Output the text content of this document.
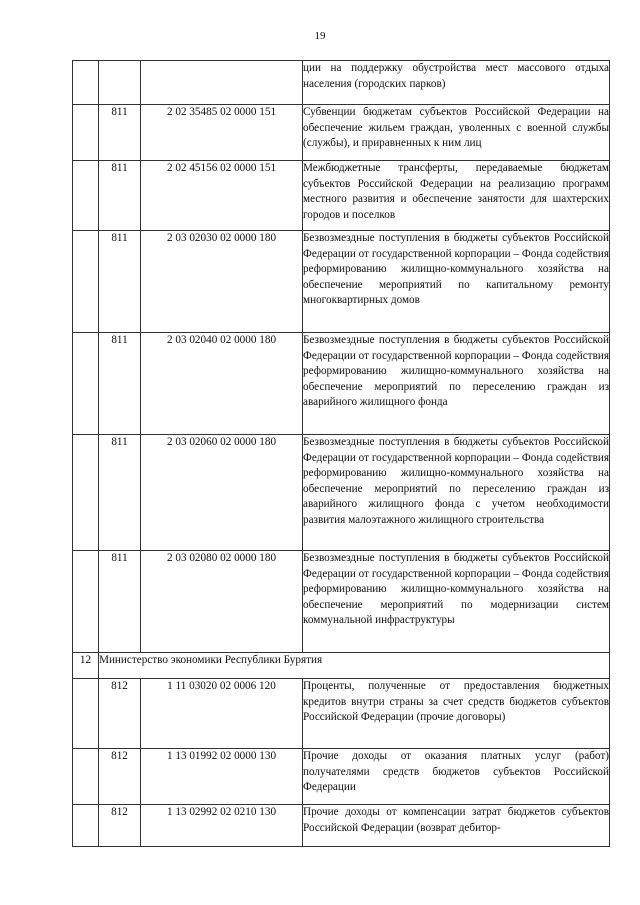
19
			ции на поддержку обустройства мест массового отдыха населения (городских парков)
	811	2 02 35485 02 0000 151	Субвенции бюджетам субъектов Российской Федерации на обеспечение жильем граждан, уволенных с военной службы (службы), и приравненных к ним лиц
	811	2 02 45156 02 0000 151	Межбюджетные трансферты, передаваемые бюджетам субъектов Российской Федерации на реализацию программ местного развития и обеспечение занятости для шахтерских городов и поселков
	811	2 03 02030 02 0000 180	Безвозмездные поступления в бюджеты субъектов Российской Федерации от государственной корпорации – Фонда содействия реформированию жилищно-коммунального хозяйства на обеспечение мероприятий по капитальному ремонту многоквартирных домов
	811	2 03 02040 02 0000 180	Безвозмездные поступления в бюджеты субъектов Российской Федерации от государственной корпорации – Фонда содействия реформированию жилищно-коммунального хозяйства на обеспечение мероприятий по переселению граждан из аварийного жилищного фонда
	811	2 03 02060 02 0000 180	Безвозмездные поступления в бюджеты субъектов Российской Федерации от государственной корпорации – Фонда содействия реформированию жилищно-коммунального хозяйства на обеспечение мероприятий по переселению граждан из аварийного жилищного фонда с учетом необходимости развития малоэтажного жилищного строительства
	811	2 03 02080 02 0000 180	Безвозмездные поступления в бюджеты субъектов Российской Федерации от государственной корпорации – Фонда содействия реформированию жилищно-коммунального хозяйства на обеспечение мероприятий по модернизации систем коммунальной инфраструктуры
12	Министерство экономики Республики Бурятия		
	812	1 11 03020 02 0006 120	Проценты, полученные от предоставления бюджетных кредитов внутри страны за счет средств бюджетов субъектов Российской Федерации (прочие договоры)
	812	1 13 01992 02 0000 130	Прочие доходы от оказания платных услуг (работ) получателями средств бюджетов субъектов Российской Федерации
	812	1 13 02992 02 0210 130	Прочие доходы от компенсации затрат бюджетов субъектов Российской Федерации (возврат дебитор-
